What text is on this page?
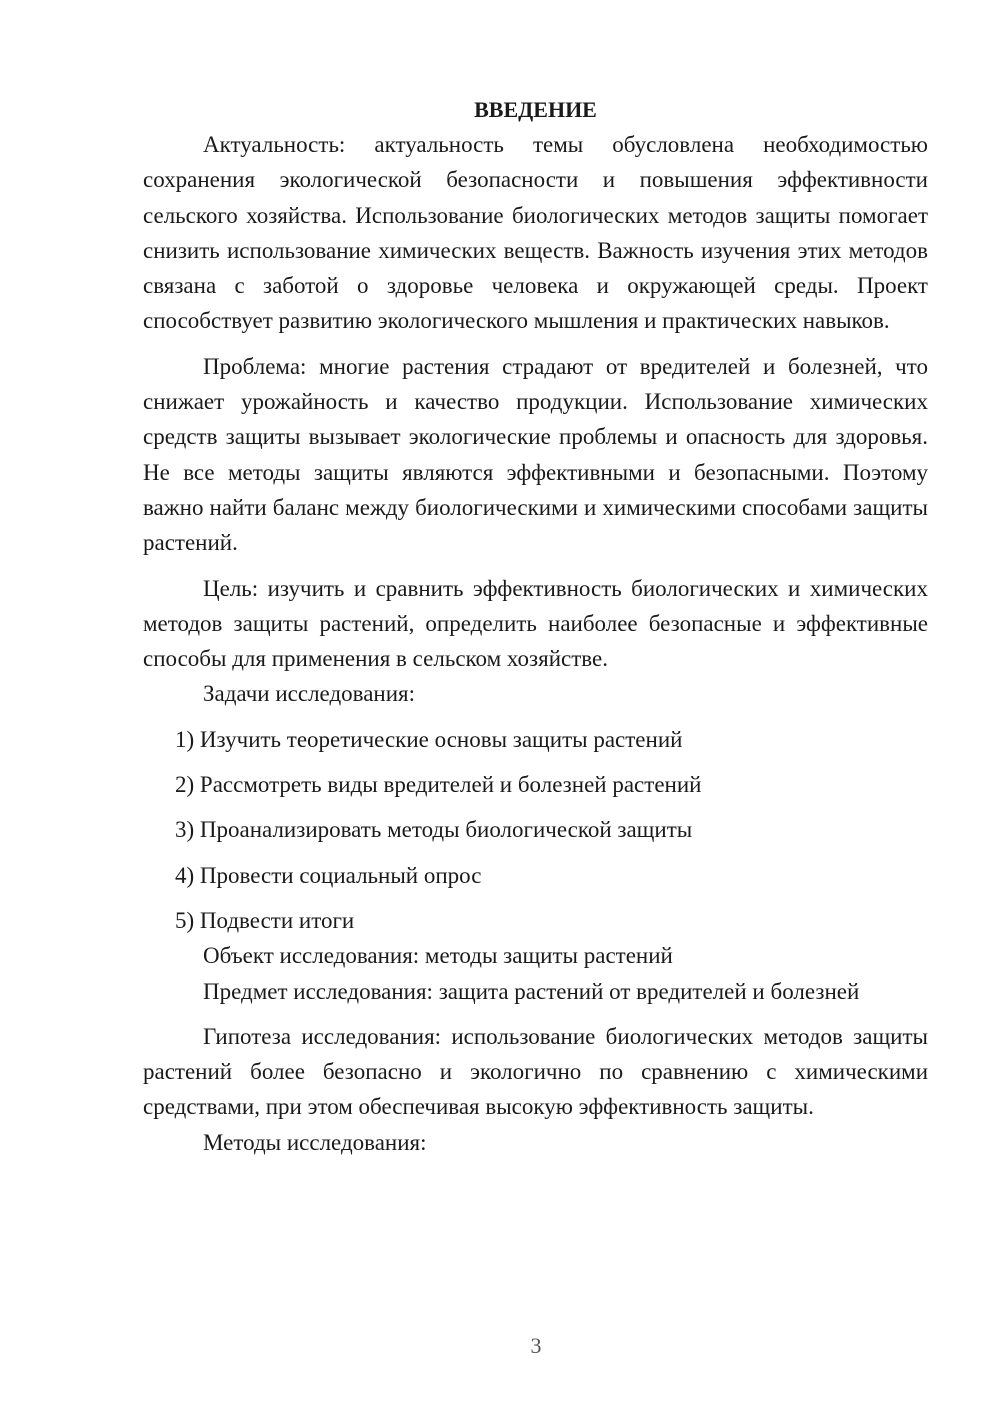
ВВЕДЕНИЕ

Актуальность: актуальность темы обусловлена необходимостью сохранения экологической безопасности и повышения эффективности сельского хозяйства. Использование биологических методов защиты помогает снизить использование химических веществ. Важность изучения этих методов связана с заботой о здоровье человека и окружающей среды. Проект способствует развитию экологического мышления и практических навыков.

Проблема: многие растения страдают от вредителей и болезней, что снижает урожайность и качество продукции. Использование химических средств защиты вызывает экологические проблемы и опасность для здоровья. Не все методы защиты являются эффективными и безопасными. Поэтому важно найти баланс между биологическими и химическими способами защиты растений.

Цель: изучить и сравнить эффективность биологических и химических методов защиты растений, определить наиболее безопасные и эффективные способы для применения в сельском хозяйстве.

Задачи исследования:

1) Изучить теоретические основы защиты растений
2) Рассмотреть виды вредителей и болезней растений
3) Проанализировать методы биологической защиты
4) Провести социальный опрос
5) Подвести итоги

Объект исследования: методы защиты растений

Предмет исследования: защита растений от вредителей и болезней

Гипотеза исследования: использование биологических методов защиты растений более безопасно и экологично по сравнению с химическими средствами, при этом обеспечивая высокую эффективность защиты.

Методы исследования:

3
